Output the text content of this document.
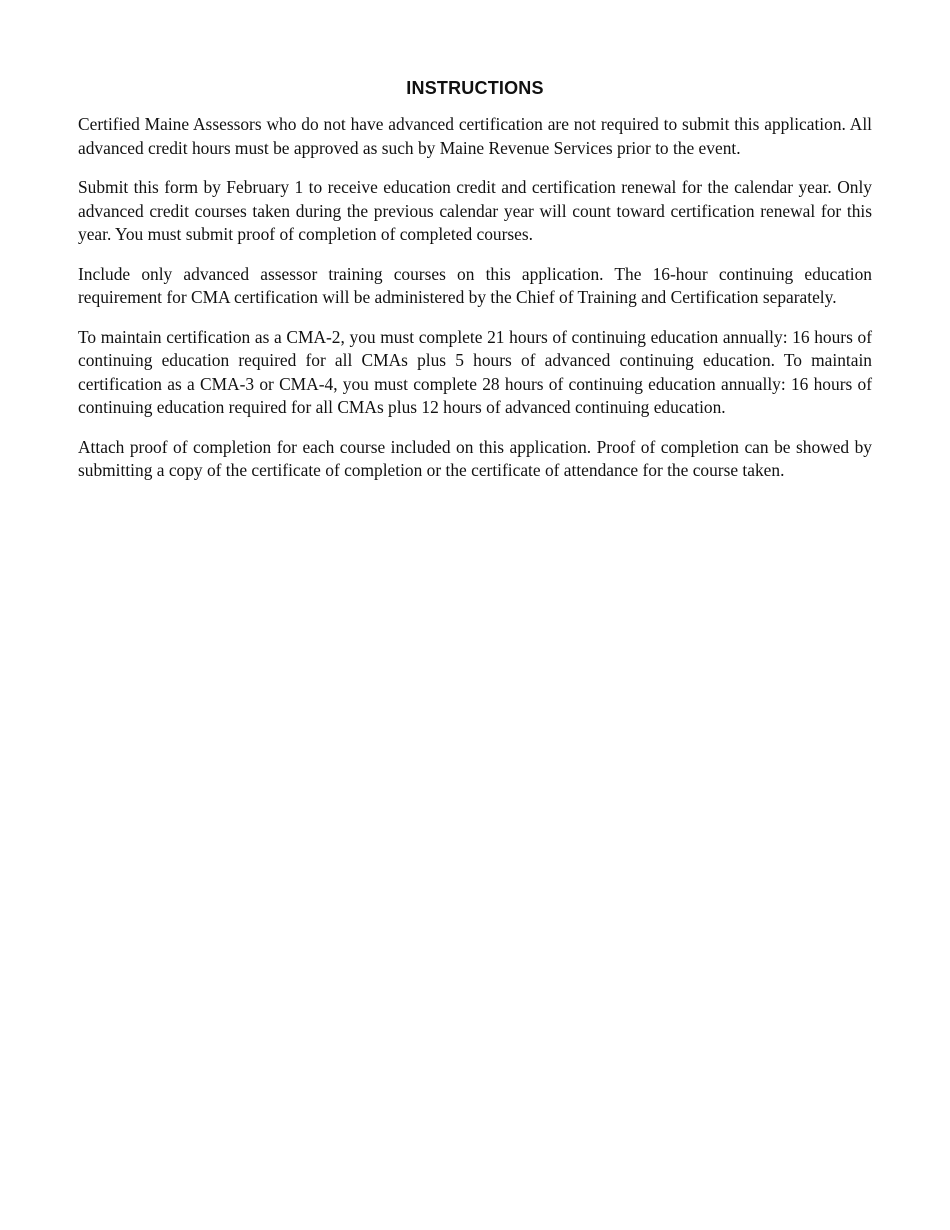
INSTRUCTIONS

Certified Maine Assessors who do not have advanced certification are not required to submit this application. All advanced credit hours must be approved as such by Maine Revenue Services prior to the event.

Submit this form by February 1 to receive education credit and certification renewal for the calendar year. Only advanced credit courses taken during the previous calendar year will count toward certification renewal for this year. You must submit proof of completion of completed courses.

Include only advanced assessor training courses on this application. The 16-hour continuing education requirement for CMA certification will be administered by the Chief of Training and Certification separately.

To maintain certification as a CMA-2, you must complete 21 hours of continuing education annually: 16 hours of continuing education required for all CMAs plus 5 hours of advanced continuing education. To maintain certification as a CMA-3 or CMA-4, you must complete 28 hours of continuing education annually: 16 hours of continuing education required for all CMAs plus 12 hours of advanced continuing education.

Attach proof of completion for each course included on this application. Proof of completion can be showed by submitting a copy of the certificate of completion or the certificate of attendance for the course taken.
